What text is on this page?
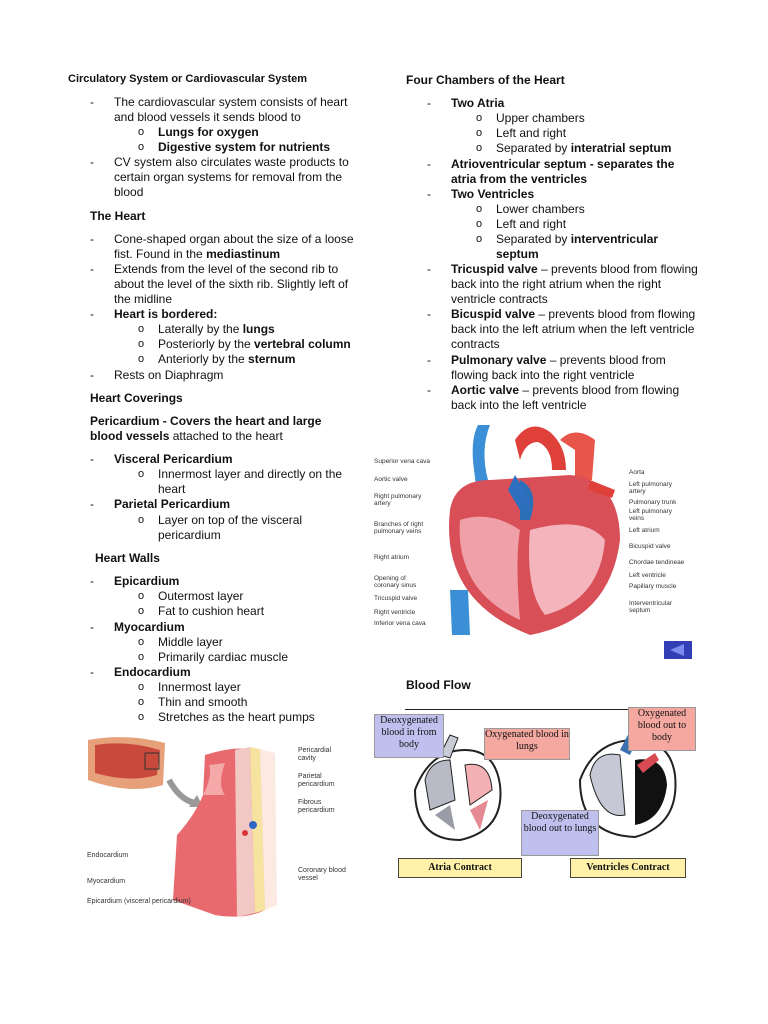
Circulatory System or Cardiovascular System
- The cardiovascular system consists of heart and blood vessels it sends blood to
o Lungs for oxygen
o Digestive system for nutrients
- CV system also circulates waste products to certain organ systems for removal from the blood
The Heart
- Cone-shaped organ about the size of a loose fist. Found in the mediastinum
- Extends from the level of the second rib to about the level of the sixth rib. Slightly left of the midline
- Heart is bordered:
o Laterally by the lungs
o Posteriorly by the vertebral column
o Anteriorly by the sternum
- Rests on Diaphragm
Heart Coverings
Pericardium - Covers the heart and large blood vessels attached to the heart
- Visceral Pericardium
o Innermost layer and directly on the heart
- Parietal Pericardium
o Layer on top of the visceral pericardium
Heart Walls
- Epicardium
o Outermost layer
o Fat to cushion heart
- Myocardium
o Middle layer
o Primarily cardiac muscle
- Endocardium
o Innermost layer
o Thin and smooth
o Stretches as the heart pumps
Four Chambers of the Heart
- Two Atria
o Upper chambers
o Left and right
o Separated by interatrial septum
- Atrioventricular septum - separates the atria from the ventricles
- Two Ventricles
o Lower chambers
o Left and right
o Separated by interventricular septum
- Tricuspid valve – prevents blood from flowing back into the right atrium when the right ventricle contracts
- Bicuspid valve – prevents blood from flowing back into the left atrium when the left ventricle contracts
- Pulmonary valve – prevents blood from flowing back into the right ventricle
- Aortic valve – prevents blood from flowing back into the left ventricle
Superior vena cava
Aortic valve
Right pulmonary artery
Branches of right pulmonary veins
Right atrium
Opening of coronary sinus
Tricuspid valve
Right ventricle
Inferior vena cava
Aorta
Left pulmonary artery
Pulmonary trunk
Left pulmonary veins
Left atrium
Bicuspid valve
Chordae tendineae
Left ventricle
Papillary muscle
Interventricular septum
Blood Flow
Deoxygenated blood in from body
Oxygenated blood in lungs
Oxygenated blood out to body
Deoxygenated blood out to lungs
Atria Contract	Ventricles Contract
Pericardial cavity
Parietal pericardium
Fibrous pericardium
Coronary blood vessel
Endocardium
Myocardium
Epicardium (visceral pericardium)
